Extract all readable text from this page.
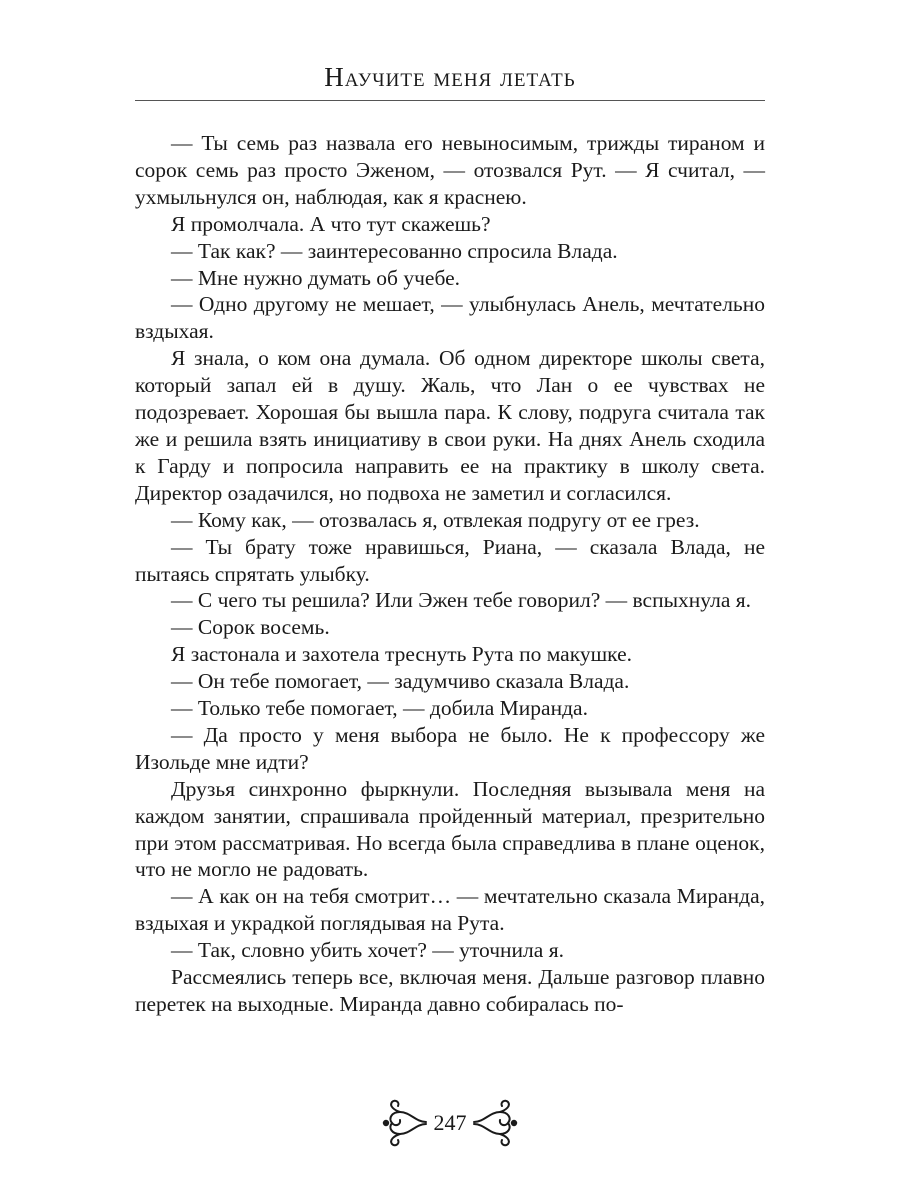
Научите меня летать

— Ты семь раз назвала его невыносимым, трижды тираном и сорок семь раз просто Эженом, — отозвался Рут. — Я считал, — ухмыльнулся он, наблюдая, как я краснею.

Я промолчала. А что тут скажешь?

— Так как? — заинтересованно спросила Влада.

— Мне нужно думать об учебе.

— Одно другому не мешает, — улыбнулась Анель, мечтательно вздыхая.

Я знала, о ком она думала. Об одном директоре школы света, который запал ей в душу. Жаль, что Лан о ее чувствах не подозревает. Хорошая бы вышла пара. К слову, подруга считала так же и решила взять инициативу в свои руки. На днях Анель сходила к Гарду и попросила направить ее на практику в школу света. Директор озадачился, но подвоха не заметил и согласился.

— Кому как, — отозвалась я, отвлекая подругу от ее грез.

— Ты брату тоже нравишься, Риана, — сказала Влада, не пытаясь спрятать улыбку.

— С чего ты решила? Или Эжен тебе говорил? — вспыхнула я.

— Сорок восемь.

Я застонала и захотела треснуть Рута по макушке.

— Он тебе помогает, — задумчиво сказала Влада.

— Только тебе помогает, — добила Миранда.

— Да просто у меня выбора не было. Не к профессору же Изольде мне идти?

Друзья синхронно фыркнули. Последняя вызывала меня на каждом занятии, спрашивала пройденный материал, презрительно при этом рассматривая. Но всегда была справедлива в плане оценок, что не могло не радовать.

— А как он на тебя смотрит… — мечтательно сказала Миранда, вздыхая и украдкой поглядывая на Рута.

— Так, словно убить хочет? — уточнила я.

Рассмеялись теперь все, включая меня. Дальше разговор плавно перетек на выходные. Миранда давно собиралась по-

247
